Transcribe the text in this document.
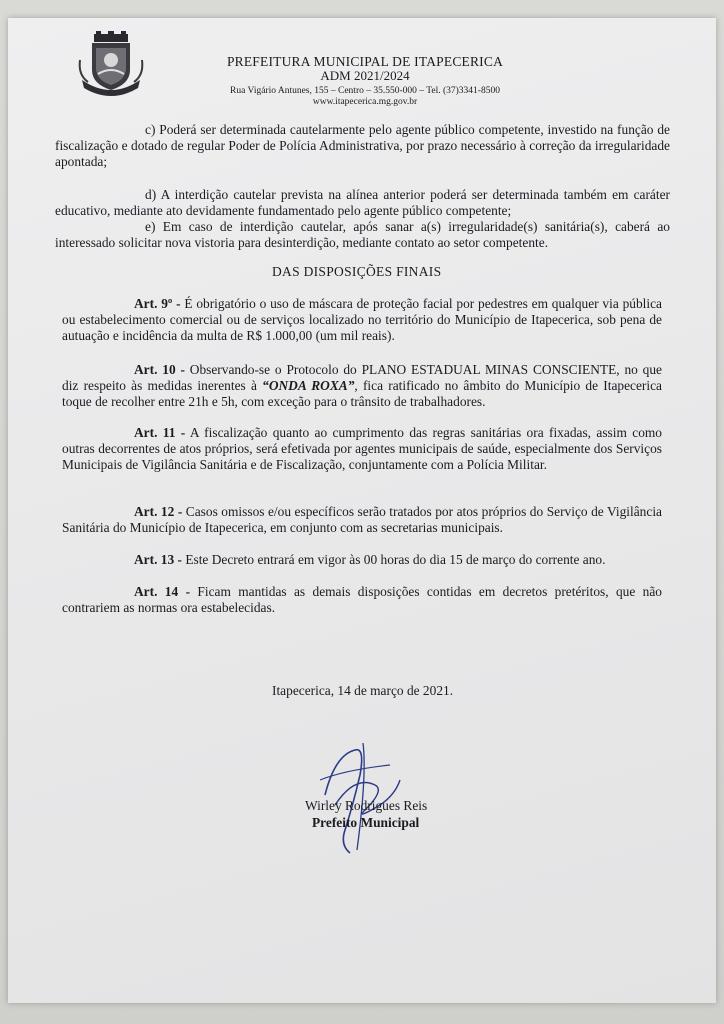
PREFEITURA MUNICIPAL DE ITAPECERICA
ADM 2021/2024
Rua Vigário Antunes, 155 – Centro – 35.550-000 – Tel. (37)3341-8500
www.itapecerica.mg.gov.br
c) Poderá ser determinada cautelarmente pelo agente público competente, investido na função de fiscalização e dotado de regular Poder de Polícia Administrativa, por prazo necessário à correção da irregularidade apontada;
d) A interdição cautelar prevista na alínea anterior poderá ser determinada também em caráter educativo, mediante ato devidamente fundamentado pelo agente público competente;
e) Em caso de interdição cautelar, após sanar a(s) irregularidade(s) sanitária(s), caberá ao interessado solicitar nova vistoria para desinterdição, mediante contato ao setor competente.
DAS DISPOSIÇÕES FINAIS
Art. 9º - É obrigatório o uso de máscara de proteção facial por pedestres em qualquer via pública ou estabelecimento comercial ou de serviços localizado no território do Município de Itapecerica, sob pena de autuação e incidência da multa de R$ 1.000,00 (um mil reais).
Art. 10 - Observando-se o Protocolo do PLANO ESTADUAL MINAS CONSCIENTE, no que diz respeito às medidas inerentes à “ONDA ROXA”, fica ratificado no âmbito do Município de Itapecerica toque de recolher entre 21h e 5h, com exceção para o trânsito de trabalhadores.
Art. 11 - A fiscalização quanto ao cumprimento das regras sanitárias ora fixadas, assim como outras decorrentes de atos próprios, será efetivada por agentes municipais de saúde, especialmente dos Serviços Municipais de Vigilância Sanitária e de Fiscalização, conjuntamente com a Polícia Militar.
Art. 12 - Casos omissos e/ou específicos serão tratados por atos próprios do Serviço de Vigilância Sanitária do Município de Itapecerica, em conjunto com as secretarias municipais.
Art. 13 - Este Decreto entrará em vigor às 00 horas do dia 15 de março do corrente ano.
Art. 14 - Ficam mantidas as demais disposições contidas em decretos pretéritos, que não contrariem as normas ora estabelecidas.
Itapecerica, 14 de março de 2021.
Wirley Rodrigues Reis
Prefeito Municipal
